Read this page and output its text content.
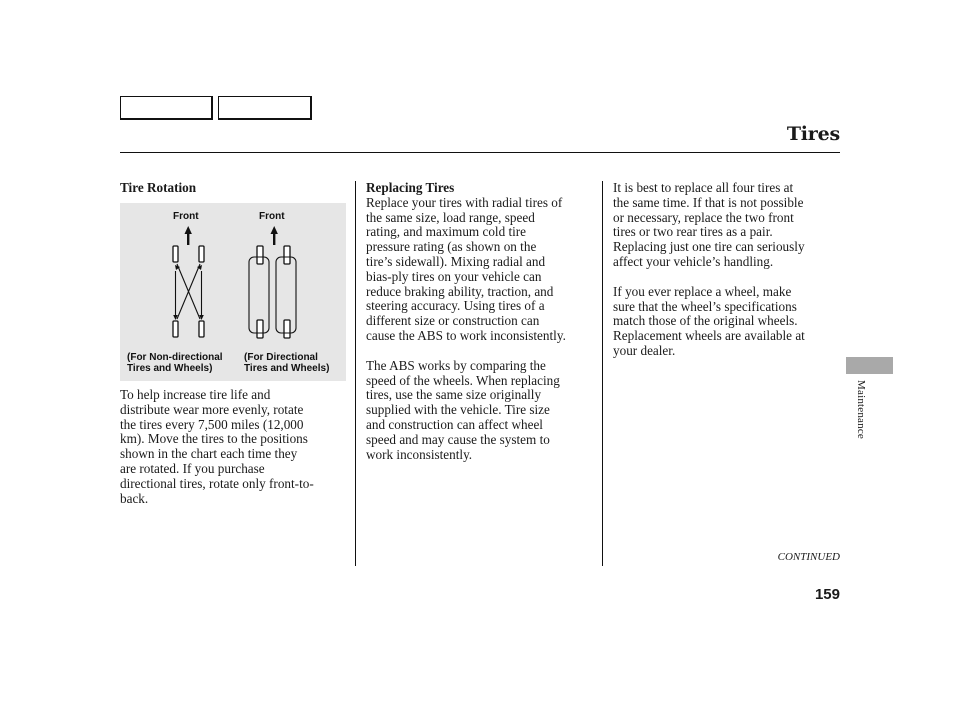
Tires
Tire Rotation
Front	Front
(For Non-directional
Tires and Wheels)
(For Directional
Tires and Wheels)

To help increase tire life and
distribute wear more evenly, rotate
the tires every 7,500 miles (12,000
km). Move the tires to the positions
shown in the chart each time they
are rotated. If you purchase
directional tires, rotate only front-to-
back.

Replacing Tires

Replace your tires with radial tires of
the same size, load range, speed
rating, and maximum cold tire
pressure rating (as shown on the
tire’s sidewall). Mixing radial and
bias-ply tires on your vehicle can
reduce braking ability, traction, and
steering accuracy. Using tires of a
different size or construction can
cause the ABS to work inconsistently.

The ABS works by comparing the
speed of the wheels. When replacing
tires, use the same size originally
supplied with the vehicle. Tire size
and construction can affect wheel
speed and may cause the system to
work inconsistently.

It is best to replace all four tires at
the same time. If that is not possible
or necessary, replace the two front
tires or two rear tires as a pair.
Replacing just one tire can seriously
affect your vehicle’s handling.

If you ever replace a wheel, make
sure that the wheel’s specifications
match those of the original wheels.
Replacement wheels are available at
your dealer.

Maintenance
CONTINUED
159
